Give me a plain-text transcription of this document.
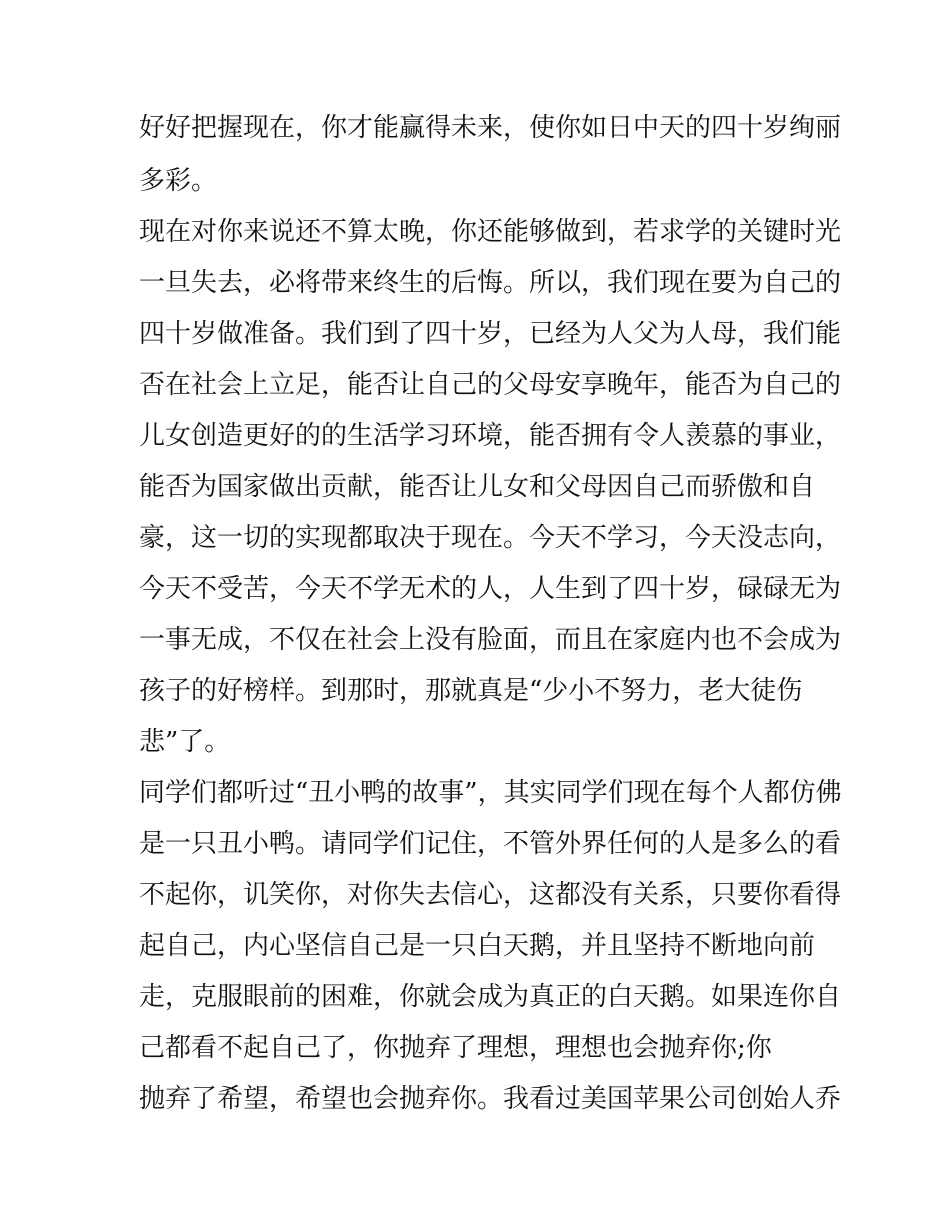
好好把握现在，你才能赢得未来，使你如日中天的四十岁绚丽
多彩。
现在对你来说还不算太晚，你还能够做到，若求学的关键时光
一旦失去，必将带来终生的后悔。所以，我们现在要为自己的
四十岁做准备。我们到了四十岁，已经为人父为人母，我们能
否在社会上立足，能否让自己的父母安享晚年，能否为自己的
儿女创造更好的的生活学习环境，能否拥有令人羡慕的事业，
能否为国家做出贡献，能否让儿女和父母因自己而骄傲和自
豪，这一切的实现都取决于现在。今天不学习，今天没志向，
今天不受苦，今天不学无术的人，人生到了四十岁，碌碌无为
一事无成，不仅在社会上没有脸面，而且在家庭内也不会成为
孩子的好榜样。到那时，那就真是“少小不努力，老大徒伤
悲”了。
同学们都听过“丑小鸭的故事”，其实同学们现在每个人都仿佛
是一只丑小鸭。请同学们记住，不管外界任何的人是多么的看
不起你，讥笑你，对你失去信心，这都没有关系，只要你看得
起自己，内心坚信自己是一只白天鹅，并且坚持不断地向前
走，克服眼前的困难，你就会成为真正的白天鹅。如果连你自
己都看不起自己了，你抛弃了理想，理想也会抛弃你;你
抛弃了希望，希望也会抛弃你。我看过美国苹果公司创始人乔
